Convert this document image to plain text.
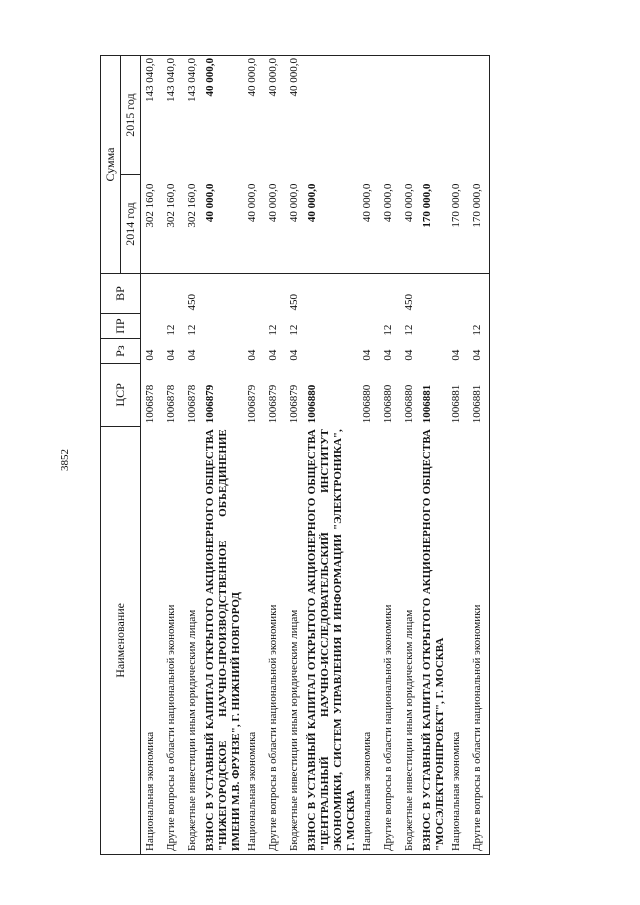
3852
Наименование	ЦСР	Рз	ПР	ВР	Сумма	
					2014 год	2015 год
Национальная экономика	1006878	04			302 160,0	143 040,0
Другие вопросы в области национальной экономики	1006878	04	12		302 160,0	143 040,0
Бюджетные инвестиции иным юридическим лицам	1006878	04	12	450	302 160,0	143 040,0
ВЗНОС В УСТАВНЫЙ КАПИТАЛ ОТКРЫТОГО АКЦИОНЕРНОГО ОБЩЕСТВА "НИЖЕГОРОДСКОЕ НАУЧНО-ПРОИЗВОДСТВЕННОЕ ОБЪЕДИНЕНИЕ ИМЕНИ М.В. ФРУНЗЕ", Г. НИЖНИЙ НОВГОРОД	1006879				40 000,0	40 000,0
Национальная экономика	1006879	04			40 000,0	40 000,0
Другие вопросы в области национальной экономики	1006879	04	12		40 000,0	40 000,0
Бюджетные инвестиции иным юридическим лицам	1006879	04	12	450	40 000,0	40 000,0
ВЗНОС В УСТАВНЫЙ КАПИТАЛ ОТКРЫТОГО АКЦИОНЕРНОГО ОБЩЕСТВА "ЦЕНТРАЛЬНЫЙ НАУЧНО-ИССЛЕДОВАТЕЛЬСКИЙ ИНСТИТУТ ЭКОНОМИКИ, СИСТЕМ УПРАВЛЕНИЯ И ИНФОРМАЦИИ "ЭЛЕКТРОНИКА", Г. МОСКВА	1006880				40 000,0	
Национальная экономика	1006880	04			40 000,0	
Другие вопросы в области национальной экономики	1006880	04	12		40 000,0	
Бюджетные инвестиции иным юридическим лицам	1006880	04	12	450	40 000,0	
ВЗНОС В УСТАВНЫЙ КАПИТАЛ ОТКРЫТОГО АКЦИОНЕРНОГО ОБЩЕСТВА "МОСЭЛЕКТРОНПРОЕКТ", Г. МОСКВА	1006881				170 000,0	
Национальная экономика	1006881	04			170 000,0	
Другие вопросы в области национальной экономики	1006881	04	12		170 000,0	
